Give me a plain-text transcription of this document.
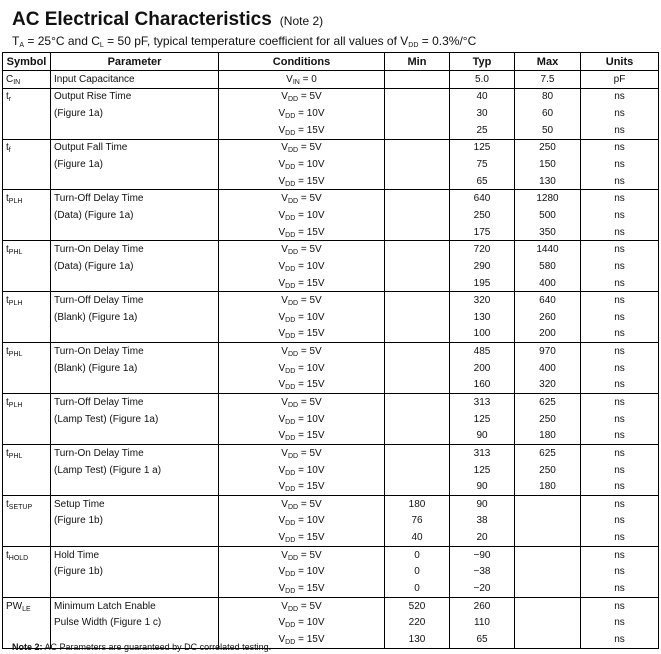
AC Electrical Characteristics (Note 2)
$T_A = 25^\circ C$ and $C_L = 50$ pF, typical temperature coefficient for all values of $V_{DD} = 0.3\%/^\circ C$
Symbol	Parameter	Conditions	Min	Typ	Max	Units
$C_{IN}$	Input Capacitance	$V_{IN} = 0$		5.0	7.5	pF
$t_r$	Output Rise Time	$V_{DD} = 5V$		40	80	ns
	(Figure 1a)	$V_{DD} = 10V$		30	60	ns
		$V_{DD} = 15V$		25	50	ns
$t_f$	Output Fall Time	$V_{DD} = 5V$		125	250	ns
	(Figure 1a)	$V_{DD} = 10V$		75	150	ns
		$V_{DD} = 15V$		65	130	ns
$t_{PLH}$	Turn-Off Delay Time	$V_{DD} = 5V$		640	1280	ns
	(Data) (Figure 1a)	$V_{DD} = 10V$		250	500	ns
		$V_{DD} = 15V$		175	350	ns
$t_{PHL}$	Turn-On Delay Time	$V_{DD} = 5V$		720	1440	ns
	(Data) (Figure 1a)	$V_{DD} = 10V$		290	580	ns
		$V_{DD} = 15V$		195	400	ns
$t_{PLH}$	Turn-Off Delay Time	$V_{DD} = 5V$		320	640	ns
	(Blank) (Figure 1a)	$V_{DD} = 10V$		130	260	ns
		$V_{DD} = 15V$		100	200	ns
$t_{PHL}$	Turn-On Delay Time	$V_{DD} = 5V$		485	970	ns
	(Blank) (Figure 1a)	$V_{DD} = 10V$		200	400	ns
		$V_{DD} = 15V$		160	320	ns
$t_{PLH}$	Turn-Off Delay Time	$V_{DD} = 5V$		313	625	ns
	(Lamp Test) (Figure 1a)	$V_{DD} = 10V$		125	250	ns
		$V_{DD} = 15V$		90	180	ns
$t_{PHL}$	Turn-On Delay Time	$V_{DD} = 5V$		313	625	ns
	(Lamp Test) (Figure 1 a)	$V_{DD} = 10V$		125	250	ns
		$V_{DD} = 15V$		90	180	ns
$t_{SETUP}$	Setup Time	$V_{DD} = 5V$	180	90		ns
	(Figure 1b)	$V_{DD} = 10V$	76	38		ns
		$V_{DD} = 15V$	40	20		ns
$t_{HOLD}$	Hold Time	$V_{DD} = 5V$	0	−90		ns
	(Figure 1b)	$V_{DD} = 10V$	0	−38		ns
		$V_{DD} = 15V$	0	−20		ns
$PW_{LE}$	Minimum Latch Enable	$V_{DD} = 5V$	520	260		ns
	Pulse Width (Figure 1 c)	$V_{DD} = 10V$	220	110		ns
		$V_{DD} = 15V$	130	65		ns
Note 2: AC Parameters are guaranteed by DC correlated testing.
